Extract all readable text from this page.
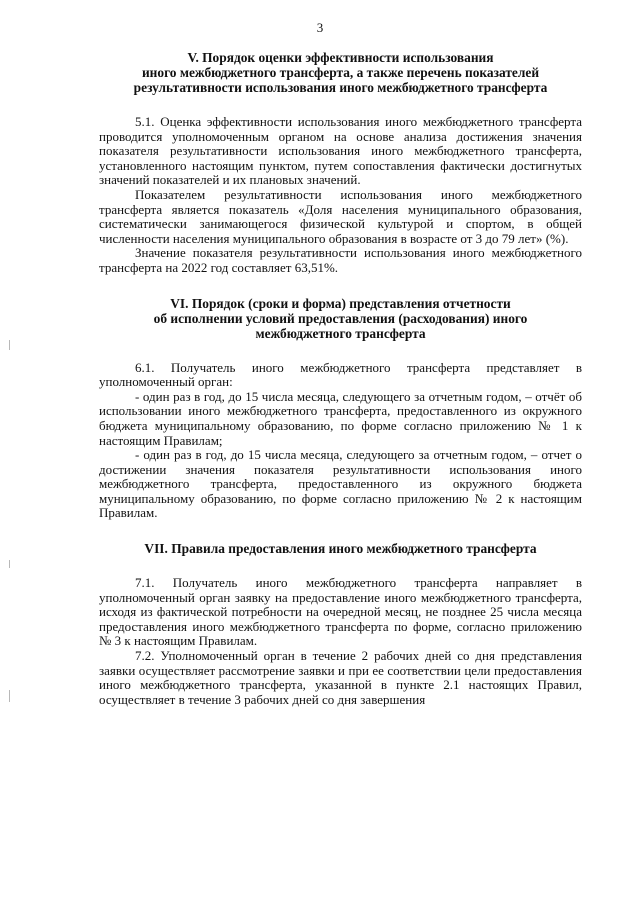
3
V. Порядок оценки эффективности использования
иного межбюджетного трансферта, а также перечень показателей
результативности использования иного межбюджетного трансферта

5.1. Оценка эффективности использования иного межбюджетного трансферта проводится уполномоченным органом на основе анализа достижения значения показателя результативности использования иного межбюджетного трансферта, установленного настоящим пунктом, путем сопоставления фактически достигнутых значений показателей и их плановых значений.

Показателем результативности использования иного межбюджетного трансферта является показатель «Доля населения муниципального образования, систематически занимающегося физической культурой и спортом, в общей численности населения муниципального образования в возрасте от 3 до 79 лет» (%).

Значение показателя результативности использования иного межбюджетного трансферта на 2022 год составляет 63,51%.

VI. Порядок (сроки и форма) представления отчетности
об исполнении условий предоставления (расходования) иного
межбюджетного трансферта

6.1. Получатель иного межбюджетного трансферта представляет в уполномоченный орган:

- один раз в год, до 15 числа месяца, следующего за отчетным годом, – отчёт об использовании иного межбюджетного трансферта, предоставленного из окружного бюджета муниципальному образованию, по форме согласно приложению № 1 к настоящим Правилам;

- один раз в год, до 15 числа месяца, следующего за отчетным годом, – отчет о достижении значения показателя результативности использования иного межбюджетного трансферта, предоставленного из окружного бюджета муниципальному образованию, по форме согласно приложению № 2 к настоящим Правилам.

VII. Правила предоставления иного межбюджетного трансферта

7.1. Получатель иного межбюджетного трансферта направляет в уполномоченный орган заявку на предоставление иного межбюджетного трансферта, исходя из фактической потребности на очередной месяц, не позднее 25 числа месяца предоставления иного межбюджетного трансферта по форме, согласно приложению № 3 к настоящим Правилам.

7.2. Уполномоченный орган в течение 2 рабочих дней со дня представления заявки осуществляет рассмотрение заявки и при ее соответствии цели предоставления иного межбюджетного трансферта, указанной в пункте 2.1 настоящих Правил, осуществляет в течение 3 рабочих дней со дня завершения
